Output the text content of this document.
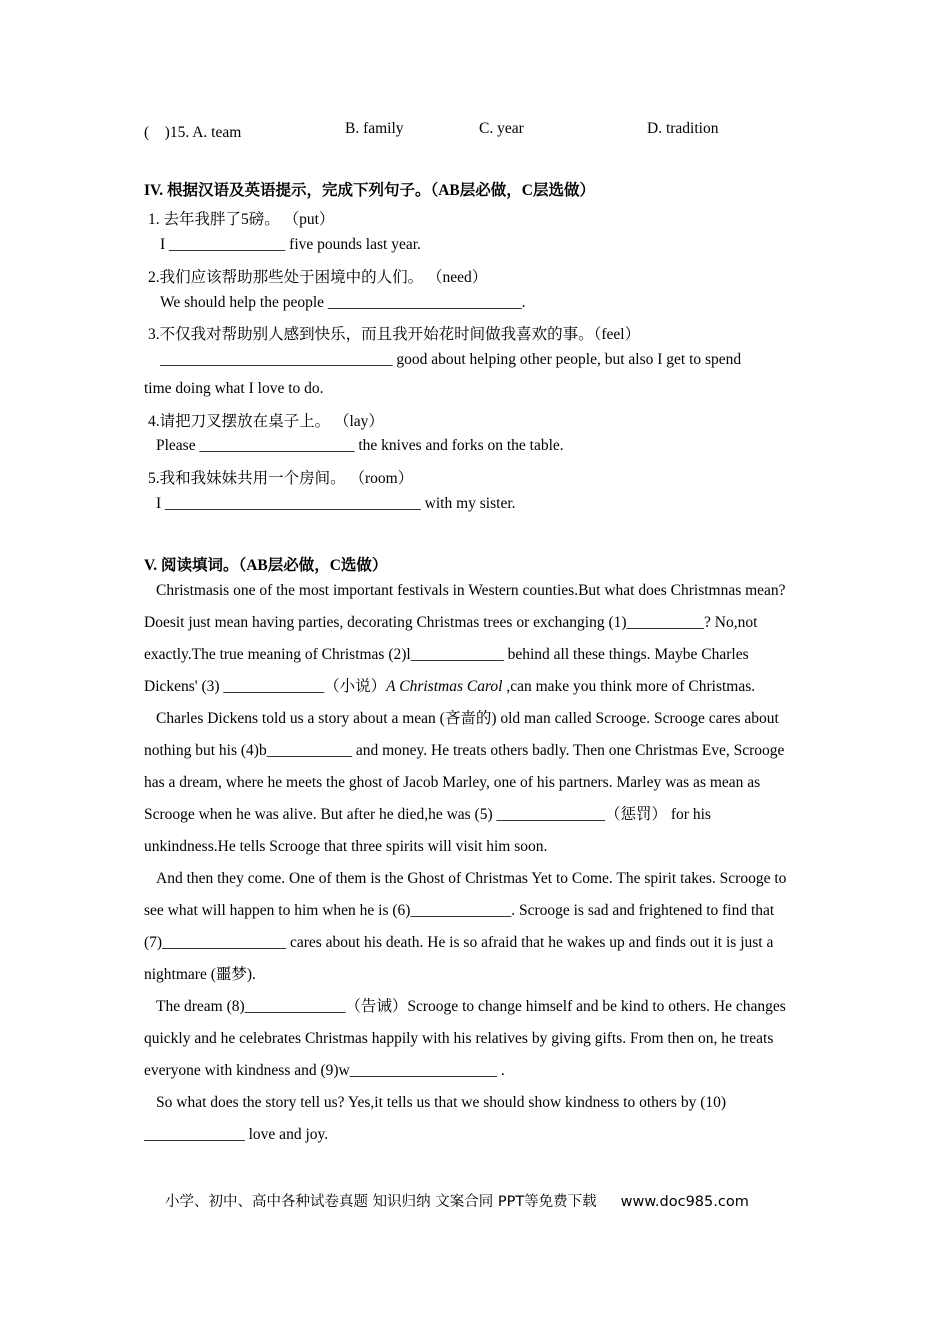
(　)15. A. team	B. family	C. year	D. tradition
IV. 根据汉语及英语提示，完成下列句子。（AB层必做，C层选做）
1. 去年我胖了5磅。 （put）
I _______________ five pounds last year.
2.我们应该帮助那些处于困境中的人们。 （need）
We should help the people _________________________.
3.不仅我对帮助别人感到快乐，而且我开始花时间做我喜欢的事。（feel）
______________________________ good about helping other people, but also I get to spend
time doing what I love to do.
4.请把刀叉摆放在桌子上。 （lay）
Please ____________________ the knives and forks on the table.
5.我和我妹妹共用一个房间。 （room）
I _________________________________ with my sister.
V. 阅读填词。（AB层必做，C选做）

Christmasis one of the most important festivals in Western counties.But what does Christmnas mean? Doesit just mean having parties, decorating Christmas trees or exchanging (1)__________? No,not exactly.The true meaning of Christmas (2)l____________ behind all these things. Maybe Charles Dickens' (3) _____________（小说）A Christmas Carol ,can make you think more of Christmas.

Charles Dickens told us a story about a mean (吝啬的) old man called Scrooge. Scrooge cares about nothing but his (4)b___________ and money. He treats others badly. Then one Christmas Eve, Scrooge has a dream, where he meets the ghost of Jacob Marley, one of his partners. Marley was as mean as Scrooge when he was alive. But after he died,he was (5) ______________（惩罚） for his unkindness.He tells Scrooge that three spirits will visit him soon.

And then they come. One of them is the Ghost of Christmas Yet to Come. The spirit takes. Scrooge to see what will happen to him when he is (6)_____________. Scrooge is sad and frightened to find that (7)________________ cares about his death. He is so afraid that he wakes up and finds out it is just a nightmare (噩梦).

The dream (8)_____________（告诫）Scrooge to change himself and be kind to others. He changes quickly and he celebrates Christmas happily with his relatives by giving gifts. From then on, he treats everyone with kindness and (9)w___________________ .

So what does the story tell us? Yes,it tells us that we should show kindness to others by (10) _____________ love and joy.

小学、初中、高中各种试卷真题 知识归纳 文案合同 PPT等免费下载 www.doc985.com
